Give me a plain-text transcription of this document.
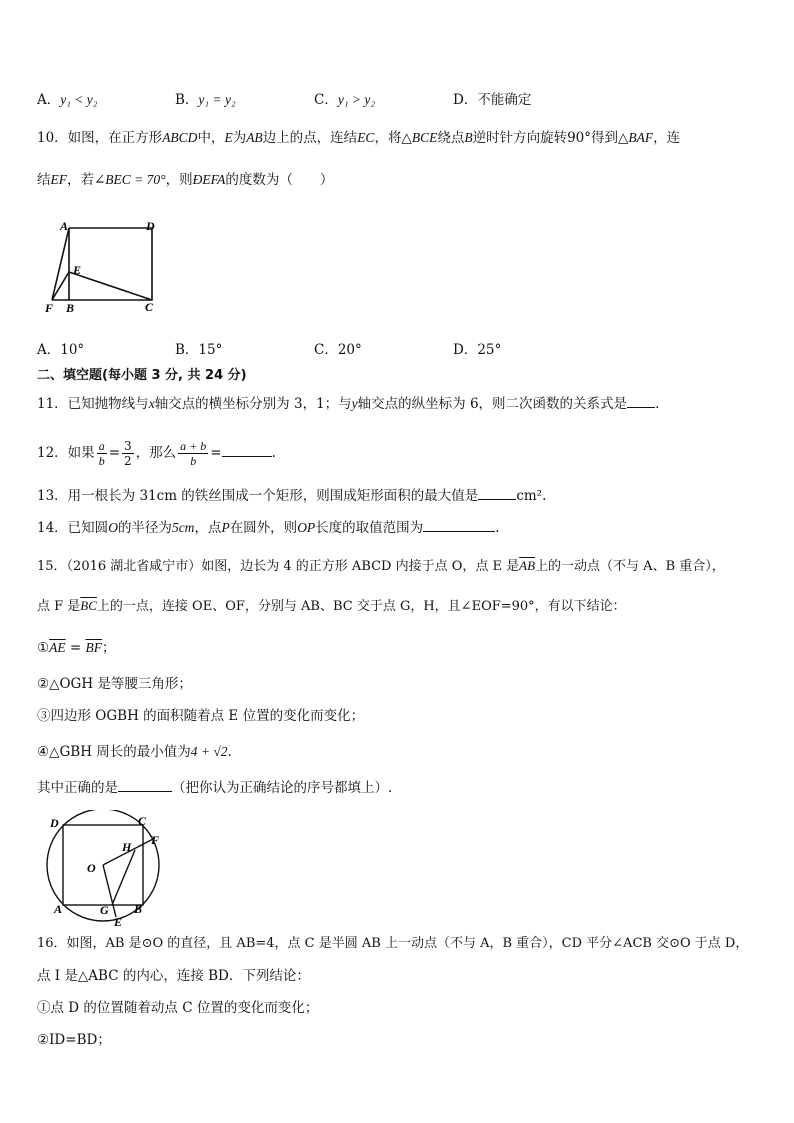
A．y₁ < y₂	B．y₁ = y₂	C．y₁ > y₂	D．不能确定
10．如图，在正方形ABCD中，E为AB边上的点，连结EC，将△BCE绕点B逆时针方向旋转90°得到△BAF，连
结EF，若∠BEC = 70°，则ÐEFA的度数为（　　）
A	D
E
F B	C
A．10°	B．15°	C．20°	D．25°
二、填空题(每小题 3 分, 共 24 分)
11．已知抛物线与x轴交点的横坐标分别为 3，1；与y轴交点的纵坐标为 6，则二次函数的关系式是 .
12．如果 $\frac{a}{b} = \frac{3}{2}$ ，那么 $\frac{a + b}{b}$ =	.
13．用一根长为 31cm 的铁丝围成一个矩形，则围成矩形面积的最大值是	cm².
14．已知圆O的半径为5cm，点P在圆外，则OP长度的取值范围为	.
15．（2016 湖北省咸宁市）如图，边长为 4 的正方形 ABCD 内接于点 O，点 E 是$\overline{AB}$上的一动点（不与 A、B 重合），
点 F 是$\overline{BC}$上的一点，连接 OE、OF，分别与 AB、BC 交于点 G，H，且∠EOF=90°，有以下结论：
$①\overline{AE} = \overline{BF}$；
②△OGH 是等腰三角形；
③四边形 OGBH 的面积随着点 E 位置的变化而变化；
④△GBH 周长的最小值为4 + √2.
其中正确的是	（把你认为正确结论的序号都填上）.
D	C
F
H
O
A	G B
E
16．如图，AB 是⊙O 的直径，且 AB=4，点 C 是半圆 AB 上一动点（不与 A，B 重合），CD 平分∠ACB 交⊙O 于点 D，
点 I 是△ABC 的内心，连接 BD．下列结论：
①点 D 的位置随着动点 C 位置的变化而变化；
②ID=BD；
